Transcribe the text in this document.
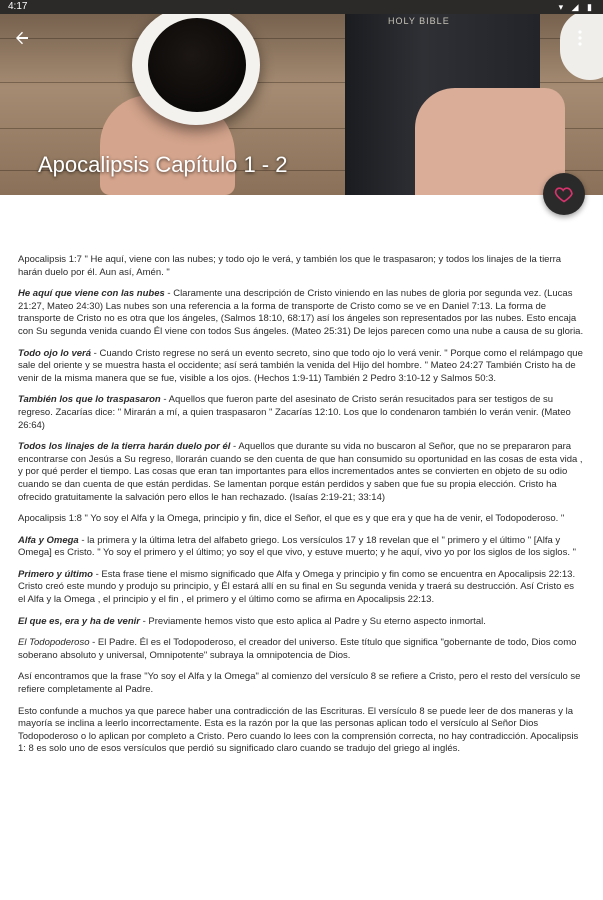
HOLY BIBLE
4:17	▾ ◢ ▮
Apocalipsis Capítulo 1 - 2

Apocalipsis 1:7 " He aquí, viene con las nubes; y todo ojo le verá, y también los que le traspasaron; y todos los linajes de la tierra harán duelo por él. Aun así, Amén. "

He aquí que viene con las nubes - Claramente una descripción de Cristo viniendo en las nubes de gloria por segunda vez. (Lucas 21:27, Mateo 24:30) Las nubes son una referencia a la forma de transporte de Cristo como se ve en Daniel 7:13. La forma de transporte de Cristo no es otra que los ángeles, (Salmos 18:10, 68:17) así los ángeles son representados por las nubes. Esto encaja con Su segunda venida cuando Él viene con todos Sus ángeles. (Mateo 25:31) De lejos parecen como una nube a causa de su gloria.

Todo ojo lo verá - Cuando Cristo regrese no será un evento secreto, sino que todo ojo lo verá venir. " Porque como el relámpago que sale del oriente y se muestra hasta el occidente; así será también la venida del Hijo del hombre. " Mateo 24:27 También Cristo ha de venir de la misma manera que se fue, visible a los ojos. (Hechos 1:9-11) También 2 Pedro 3:10-12 y Salmos 50:3.

También los que lo traspasaron - Aquellos que fueron parte del asesinato de Cristo serán resucitados para ser testigos de su regreso. Zacarías dice: " Mirarán a mí, a quien traspasaron " Zacarías 12:10. Los que lo condenaron también lo verán venir. (Mateo 26:64)

Todos los linajes de la tierra harán duelo por él - Aquellos que durante su vida no buscaron al Señor, que no se prepararon para encontrarse con Jesús a Su regreso, llorarán cuando se den cuenta de que han consumido su oportunidad en las cosas de esta vida , y por qué perder el tiempo. Las cosas que eran tan importantes para ellos incrementados antes se convierten en objeto de su odio cuando se dan cuenta de que están perdidas. Se lamentan porque están perdidos y saben que fue su propia elección. Cristo ha ofrecido gratuitamente la salvación pero ellos le han rechazado. (Isaías 2:19-21; 33:14)

Apocalipsis 1:8 " Yo soy el Alfa y la Omega, principio y fin, dice el Señor, el que es y que era y que ha de venir, el Todopoderoso. "

Alfa y Omega - la primera y la última letra del alfabeto griego. Los versículos 17 y 18 revelan que el " primero y el último " [Alfa y Omega] es Cristo. " Yo soy el primero y el último; yo soy el que vivo, y estuve muerto; y he aquí, vivo yo por los siglos de los siglos. "

Primero y último - Esta frase tiene el mismo significado que Alfa y Omega y principio y fin como se encuentra en Apocalipsis 22:13. Cristo creó este mundo y produjo su principio, y Él estará allí en su final en Su segunda venida y traerá su destrucción. Así Cristo es el Alfa y la Omega , el principio y el fin , el primero y el último como se afirma en Apocalipsis 22:13.

El que es, era y ha de venir - Previamente hemos visto que esto aplica al Padre y Su eterno aspecto inmortal.

El Todopoderoso - El Padre. Él es el Todopoderoso, el creador del universo. Este título que significa "gobernante de todo, Dios como soberano absoluto y universal, Omnipotente" subraya la omnipotencia de Dios.

Así encontramos que la frase "Yo soy el Alfa y la Omega" al comienzo del versículo 8 se refiere a Cristo, pero el resto del versículo se refiere completamente al Padre.

Esto confunde a muchos ya que parece haber una contradicción de las Escrituras. El versículo 8 se puede leer de dos maneras y la mayoría se inclina a leerlo incorrectamente. Esta es la razón por la que las personas aplican todo el versículo al Señor Dios Todopoderoso o lo aplican por completo a Cristo. Pero cuando lo lees con la comprensión correcta, no hay contradicción. Apocalipsis 1: 8 es solo uno de esos versículos que perdió su significado claro cuando se tradujo del griego al inglés.
